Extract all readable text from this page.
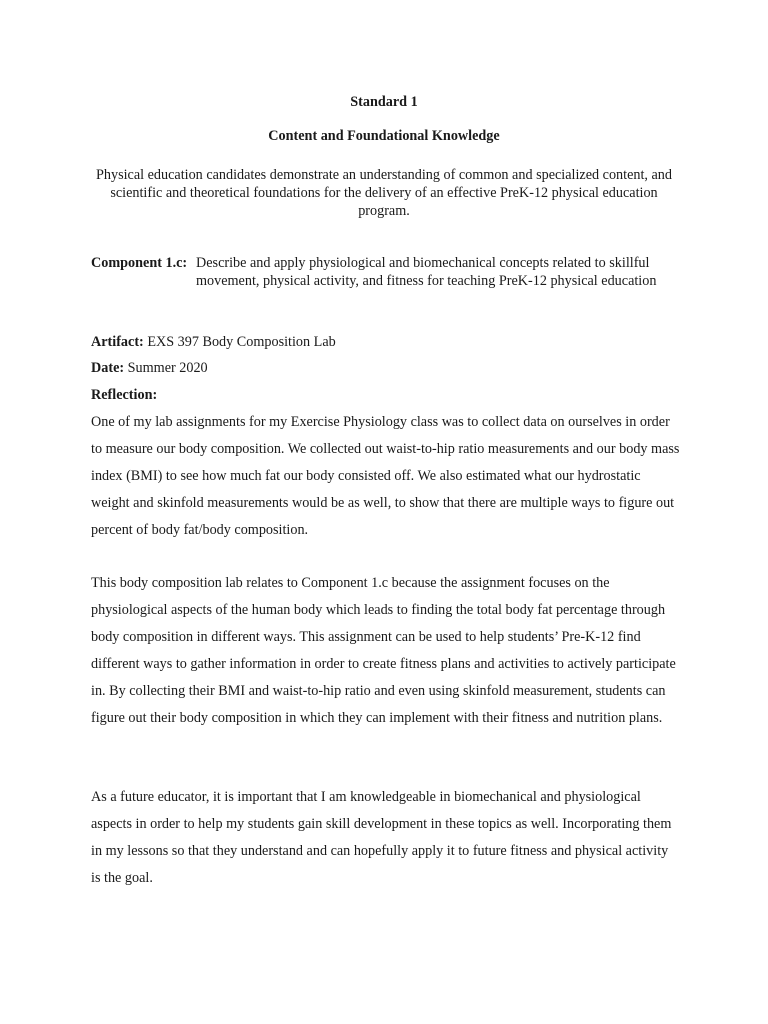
Standard 1
Content and Foundational Knowledge
Physical education candidates demonstrate an understanding of common and specialized content, and scientific and theoretical foundations for the delivery of an effective PreK-12 physical education program.
Component 1.c: Describe and apply physiological and biomechanical concepts related to skillful movement, physical activity, and fitness for teaching PreK-12 physical education
Artifact: EXS 397 Body Composition Lab
Date: Summer 2020
Reflection:

One of my lab assignments for my Exercise Physiology class was to collect data on ourselves in order to measure our body composition. We collected out waist-to-hip ratio measurements and our body mass index (BMI) to see how much fat our body consisted off. We also estimated what our hydrostatic weight and skinfold measurements would be as well, to show that there are multiple ways to figure out percent of body fat/body composition.

This body composition lab relates to Component 1.c because the assignment focuses on the physiological aspects of the human body which leads to finding the total body fat percentage through body composition in different ways. This assignment can be used to help students’ Pre-K-12 find different ways to gather information in order to create fitness plans and activities to actively participate in. By collecting their BMI and waist-to-hip ratio and even using skinfold measurement, students can figure out their body composition in which they can implement with their fitness and nutrition plans.

As a future educator, it is important that I am knowledgeable in biomechanical and physiological aspects in order to help my students gain skill development in these topics as well. Incorporating them in my lessons so that they understand and can hopefully apply it to future fitness and physical activity is the goal.
